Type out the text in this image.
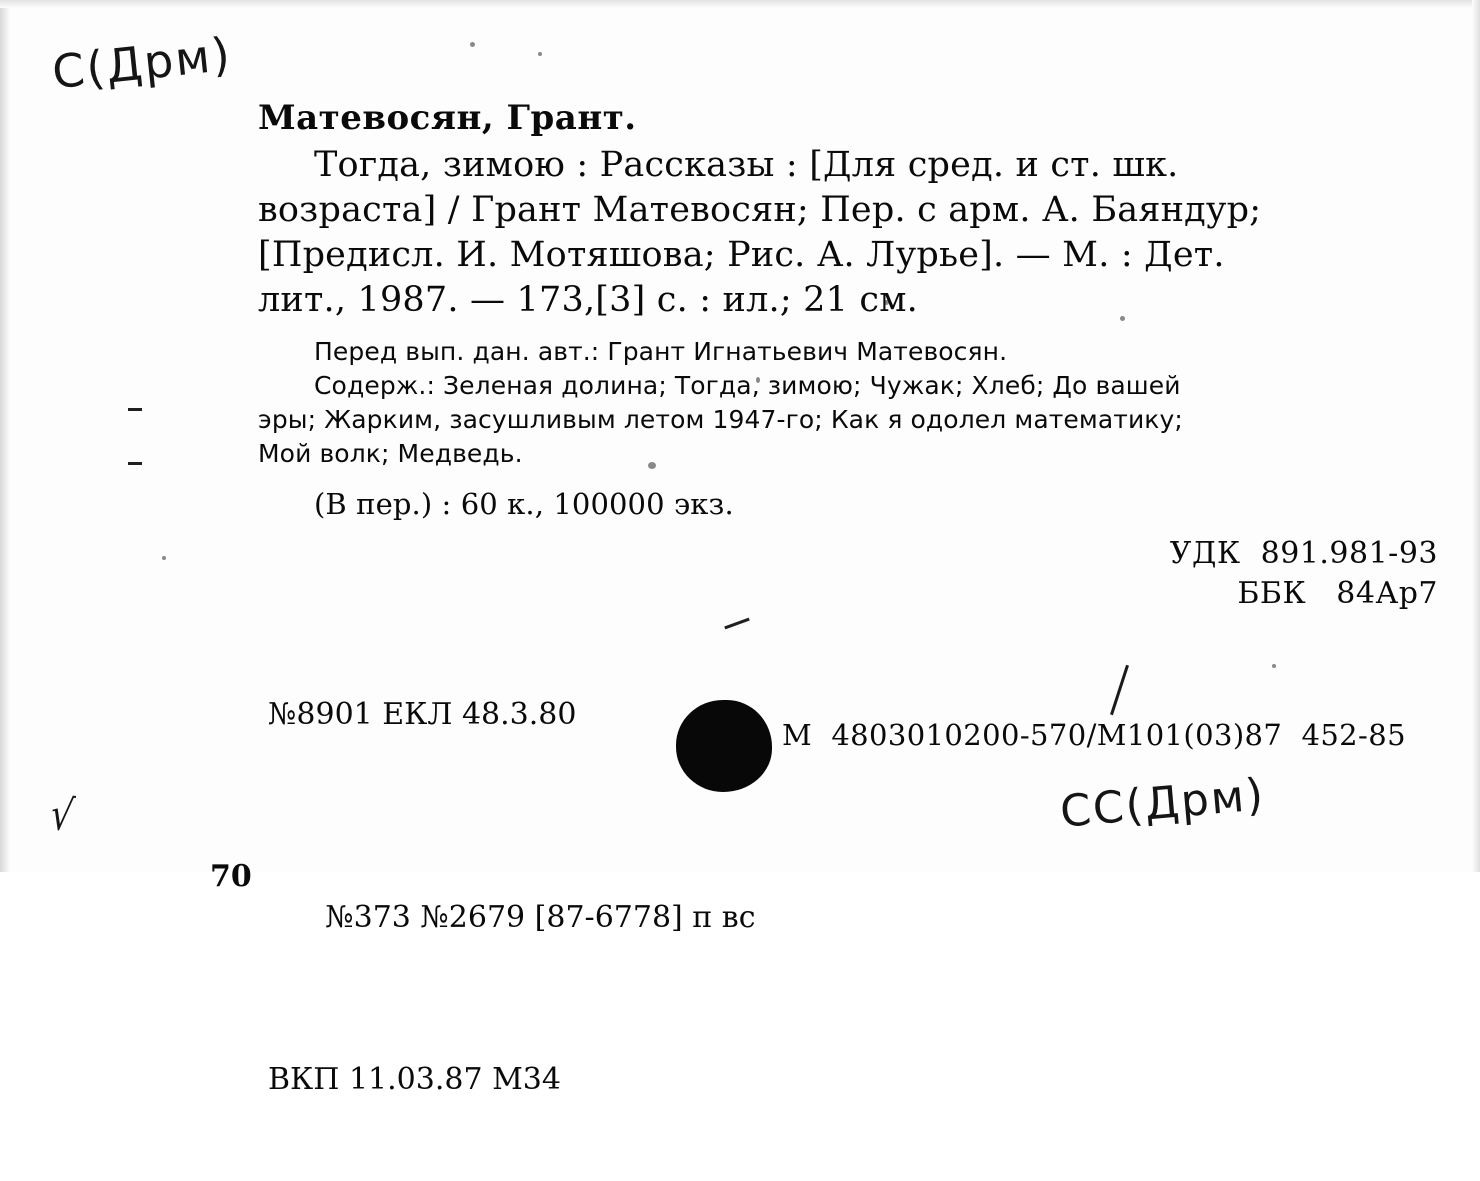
Матевосян, Грант.

Тогда, зимою : Рассказы : [Для сред. и ст. шк.
возраста] / Грант Матевосян; Пер. с арм. А. Баяндур;
[Предисл. И. Мотяшова; Рис. А. Лурье]. — М. : Дет.
лит., 1987. — 173,[3] с. : ил.; 21 см.
Перед вып. дан. авт.: Грант Игнатьевич Матевосян.
Содерж.: Зеленая долина; Тогда, зимою; Чужак; Хлеб; До вашей
эры; Жарким, засушливым летом 1947-го; Как я одолел математику;
Мой волк; Медведь.
(В пер.) : 60 к., 100000 экз.
УДК  891.981-93
ББК   84Ар7

№8901 ЕКЛ 48.3.80

70

№373 №2679 [87-6778] п вс

ВКП 11.03.87 М34

М  4803010200-570/М101(03)87  452-85
С(Дрм)
СС(Дрм)
√
